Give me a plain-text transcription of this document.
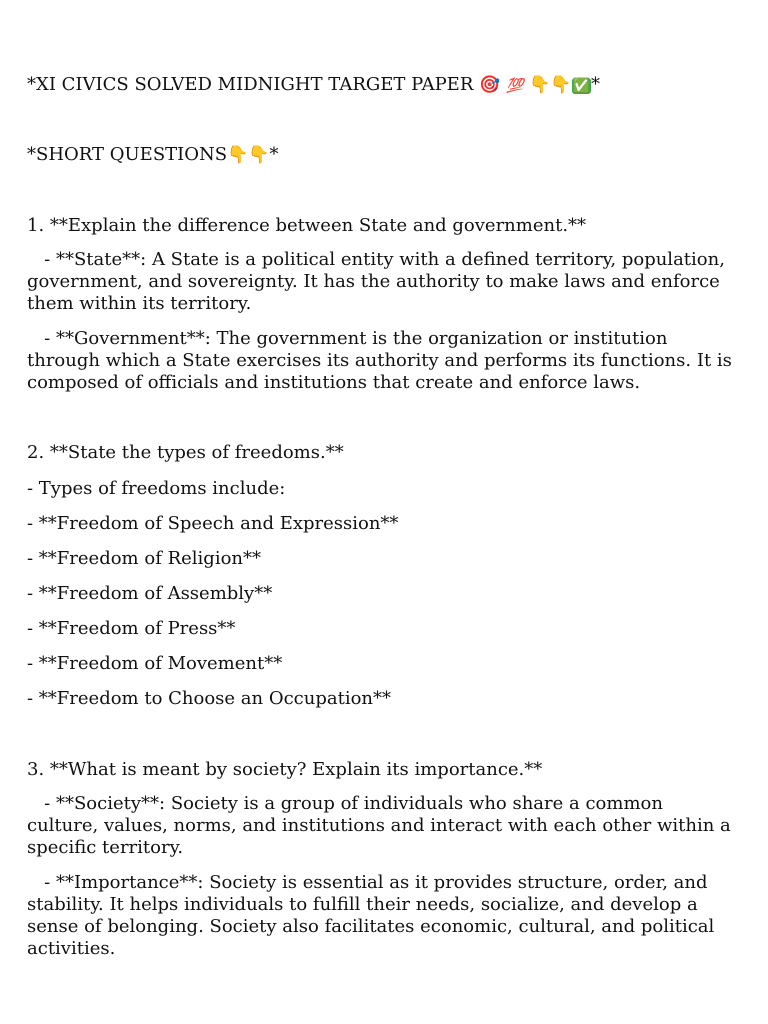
*XI CIVICS SOLVED MIDNIGHT TARGET PAPER 🎯 💯 👇👇✅*
*SHORT QUESTIONS👇👇*
1. **Explain the difference between State and government.**
- **State**: A State is a political entity with a defined territory, population, government, and sovereignty. It has the authority to make laws and enforce them within its territory.
- **Government**: The government is the organization or institution through which a State exercises its authority and performs its functions. It is composed of officials and institutions that create and enforce laws.
2. **State the types of freedoms.**
- Types of freedoms include:
- **Freedom of Speech and Expression**
- **Freedom of Religion**
- **Freedom of Assembly**
- **Freedom of Press**
- **Freedom of Movement**
- **Freedom to Choose an Occupation**
3. **What is meant by society? Explain its importance.**
- **Society**: Society is a group of individuals who share a common culture, values, norms, and institutions and interact with each other within a specific territory.
- **Importance**: Society is essential as it provides structure, order, and stability. It helps individuals to fulfill their needs, socialize, and develop a sense of belonging. Society also facilitates economic, cultural, and political activities.
